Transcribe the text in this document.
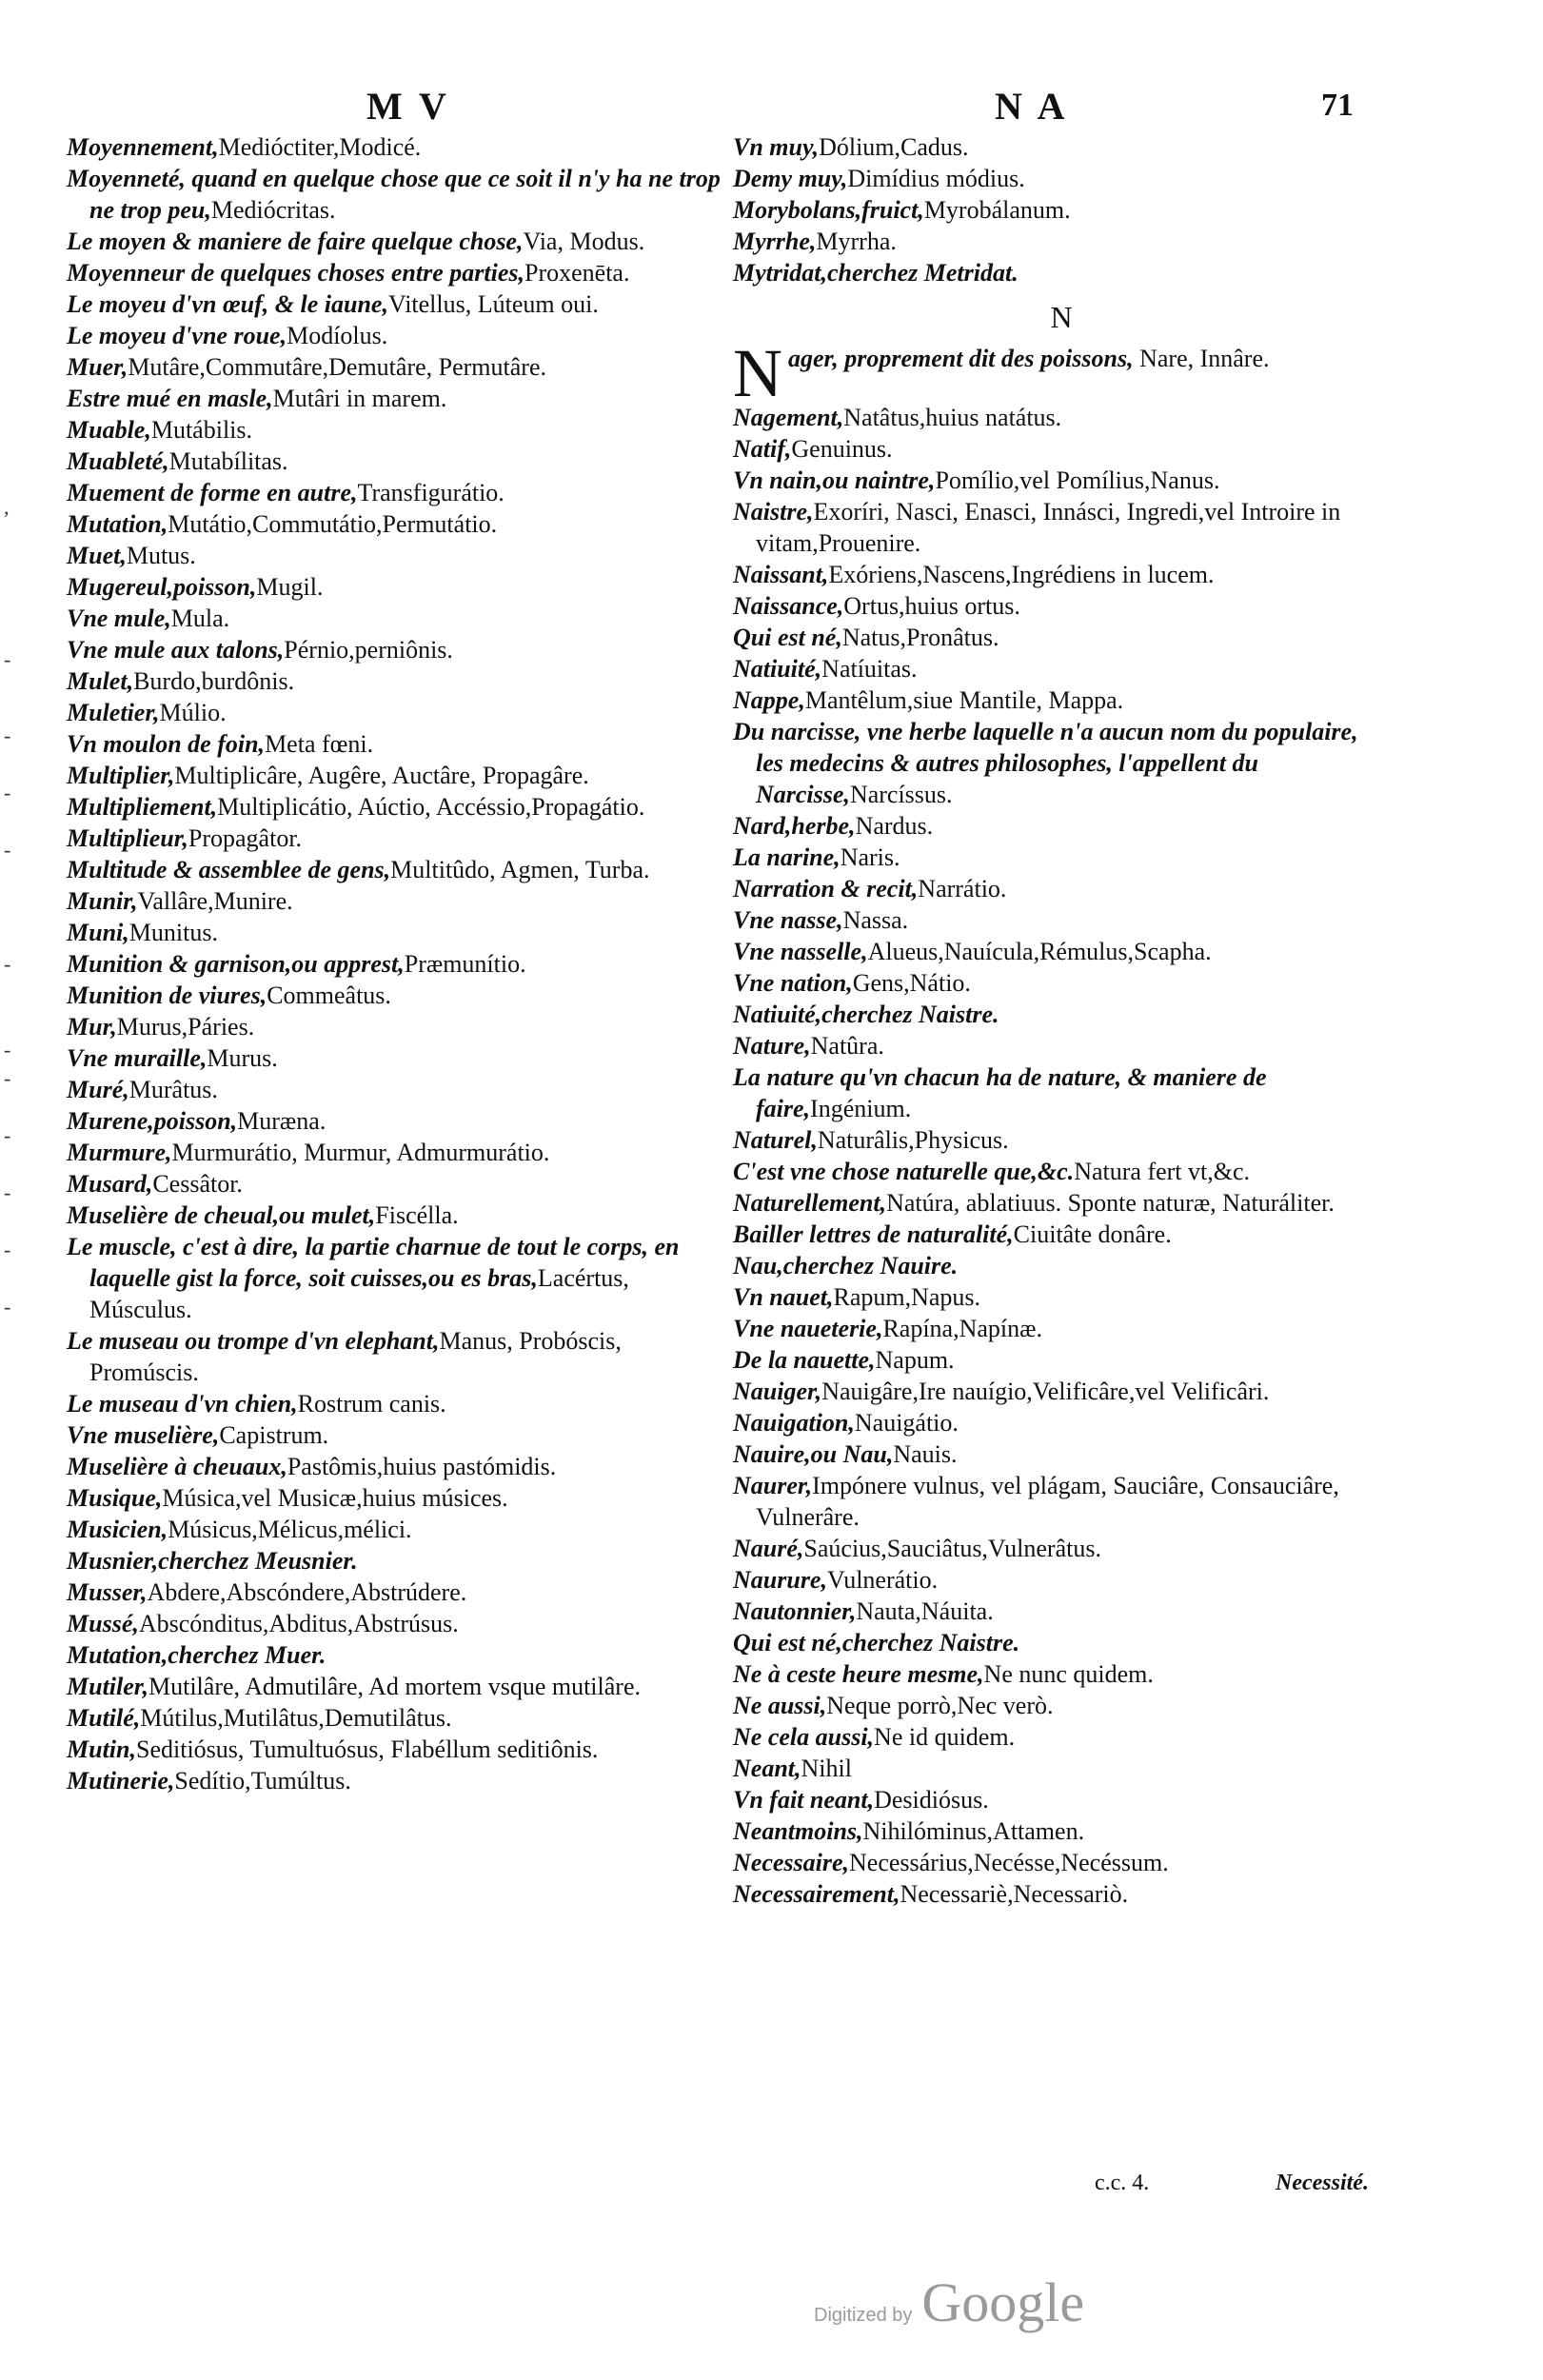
,
-
-
-
-
-
-
-
-
-
-
-
M V	N A	71

Moyennement,Medióctiter,Modicé.

Moyenneté, quand en quelque chose que ce soit il n'y ha ne trop ne trop peu,Mediócritas.

Le moyen & maniere de faire quelque chose,Via, Modus.

Moyenneur de quelques choses entre parties,Proxenēta.

Le moyeu d'vn œuf, & le iaune,Vitellus, Lúteum oui.

Le moyeu d'vne roue,Modíolus.

Muer,Mutâre,Commutâre,Demutâre, Permutâre.

Estre mué en masle,Mutâri in marem.

Muable,Mutábilis.

Muableté,Mutabílitas.

Muement de forme en autre,Transfigurátio.

Mutation,Mutátio,Commutátio,Permutátio.

Muet,Mutus.

Mugereul,poisson,Mugil.

Vne mule,Mula.

Vne mule aux talons,Pérnio,perniônis.

Mulet,Burdo,burdônis.

Muletier,Múlio.

Vn moulon de foin,Meta fœni.

Multiplier,Multiplicâre, Augêre, Auctâre, Propagâre.

Multipliement,Multiplicátio, Aúctio, Accéssio,Propagátio.

Multiplieur,Propagâtor.

Multitude & assemblee de gens,Multitûdo, Agmen, Turba.

Munir,Vallâre,Munire.

Muni,Munitus.

Munition & garnison,ou apprest,Præmunítio.

Munition de viures,Commeâtus.

Mur,Murus,Páries.

Vne muraille,Murus.

Muré,Murâtus.

Murene,poisson,Muræna.

Murmure,Murmurátio, Murmur, Admurmurátio.

Musard,Cessâtor.

Muselière de cheual,ou mulet,Fiscélla.

Le muscle, c'est à dire, la partie charnue de tout le corps, en laquelle gist la force, soit cuisses,ou es bras,Lacértus, Músculus.

Le museau ou trompe d'vn elephant,Manus, Probóscis, Promúscis.

Le museau d'vn chien,Rostrum canis.

Vne muselière,Capistrum.

Muselière à cheuaux,Pastômis,huius pastómidis.

Musique,Música,vel Musicæ,huius músices.

Musicien,Músicus,Mélicus,mélici.

Musnier,cherchez Meusnier.

Musser,Abdere,Abscóndere,Abstrúdere.

Mussé,Abscónditus,Abditus,Abstrúsus.

Mutation,cherchez Muer.

Mutiler,Mutilâre, Admutilâre, Ad mortem vsque mutilâre.

Mutilé,Mútilus,Mutilâtus,Demutilâtus.

Mutin,Seditiósus, Tumultuósus, Flabéllum seditiônis.

Mutinerie,Sedítio,Tumúltus.

Vn muy,Dólium,Cadus.

Demy muy,Dimídius módius.

Morybolans,fruict,Myrobálanum.

Myrrhe,Myrrha.

Mytridat,cherchez Metridat.

N

N ager, proprement dit des poissons, Nare, Innâre.

Nagement,Natâtus,huius natátus.

Natif,Genuinus.

Vn nain,ou naintre,Pomílio,vel Pomílius,Nanus.

Naistre,Exoríri, Nasci, Enasci, Innásci, Ingredi,vel Introire in vitam,Prouenire.

Naissant,Exóriens,Nascens,Ingrédiens in lucem.

Naissance,Ortus,huius ortus.

Qui est né,Natus,Pronâtus.

Natiuité,Natíuitas.

Nappe,Mantêlum,siue Mantile, Mappa.

Du narcisse, vne herbe laquelle n'a aucun nom du populaire, les medecins & autres philosophes, l'appellent du Narcisse,Narcíssus.

Nard,herbe,Nardus.

La narine,Naris.

Narration & recit,Narrátio.

Vne nasse,Nassa.

Vne nasselle,Alueus,Nauícula,Rémulus,Scapha.

Vne nation,Gens,Nátio.

Natiuité,cherchez Naistre.

Nature,Natûra.

La nature qu'vn chacun ha de nature, & maniere de faire,Ingénium.

Naturel,Naturâlis,Physicus.

C'est vne chose naturelle que,&c.Natura fert vt,&c.

Naturellement,Natúra, ablatiuus. Sponte naturæ, Naturáliter.

Bailler lettres de naturalité,Ciuitâte donâre.

Nau,cherchez Nauire.

Vn nauet,Rapum,Napus.

Vne naueterie,Rapína,Napínæ.

De la nauette,Napum.

Nauiger,Nauigâre,Ire nauígio,Velificâre,vel Velificâri.

Nauigation,Nauigátio.

Nauire,ou Nau,Nauis.

Naurer,Impónere vulnus, vel plágam, Sauciâre, Consauciâre, Vulnerâre.

Nauré,Saúcius,Sauciâtus,Vulnerâtus.

Naurure,Vulnerátio.

Nautonnier,Nauta,Náuita.

Qui est né,cherchez Naistre.

Ne à ceste heure mesme,Ne nunc quidem.

Ne aussi,Neque porrò,Nec verò.

Ne cela aussi,Ne id quidem.

Neant,Nihil

Vn fait neant,Desidiósus.

Neantmoins,Nihilóminus,Attamen.

Necessaire,Necessárius,Necésse,Necéssum.

Necessairement,Necessariè,Necessariò.

c.c. 4.	Necessité.
Digitized by Google
